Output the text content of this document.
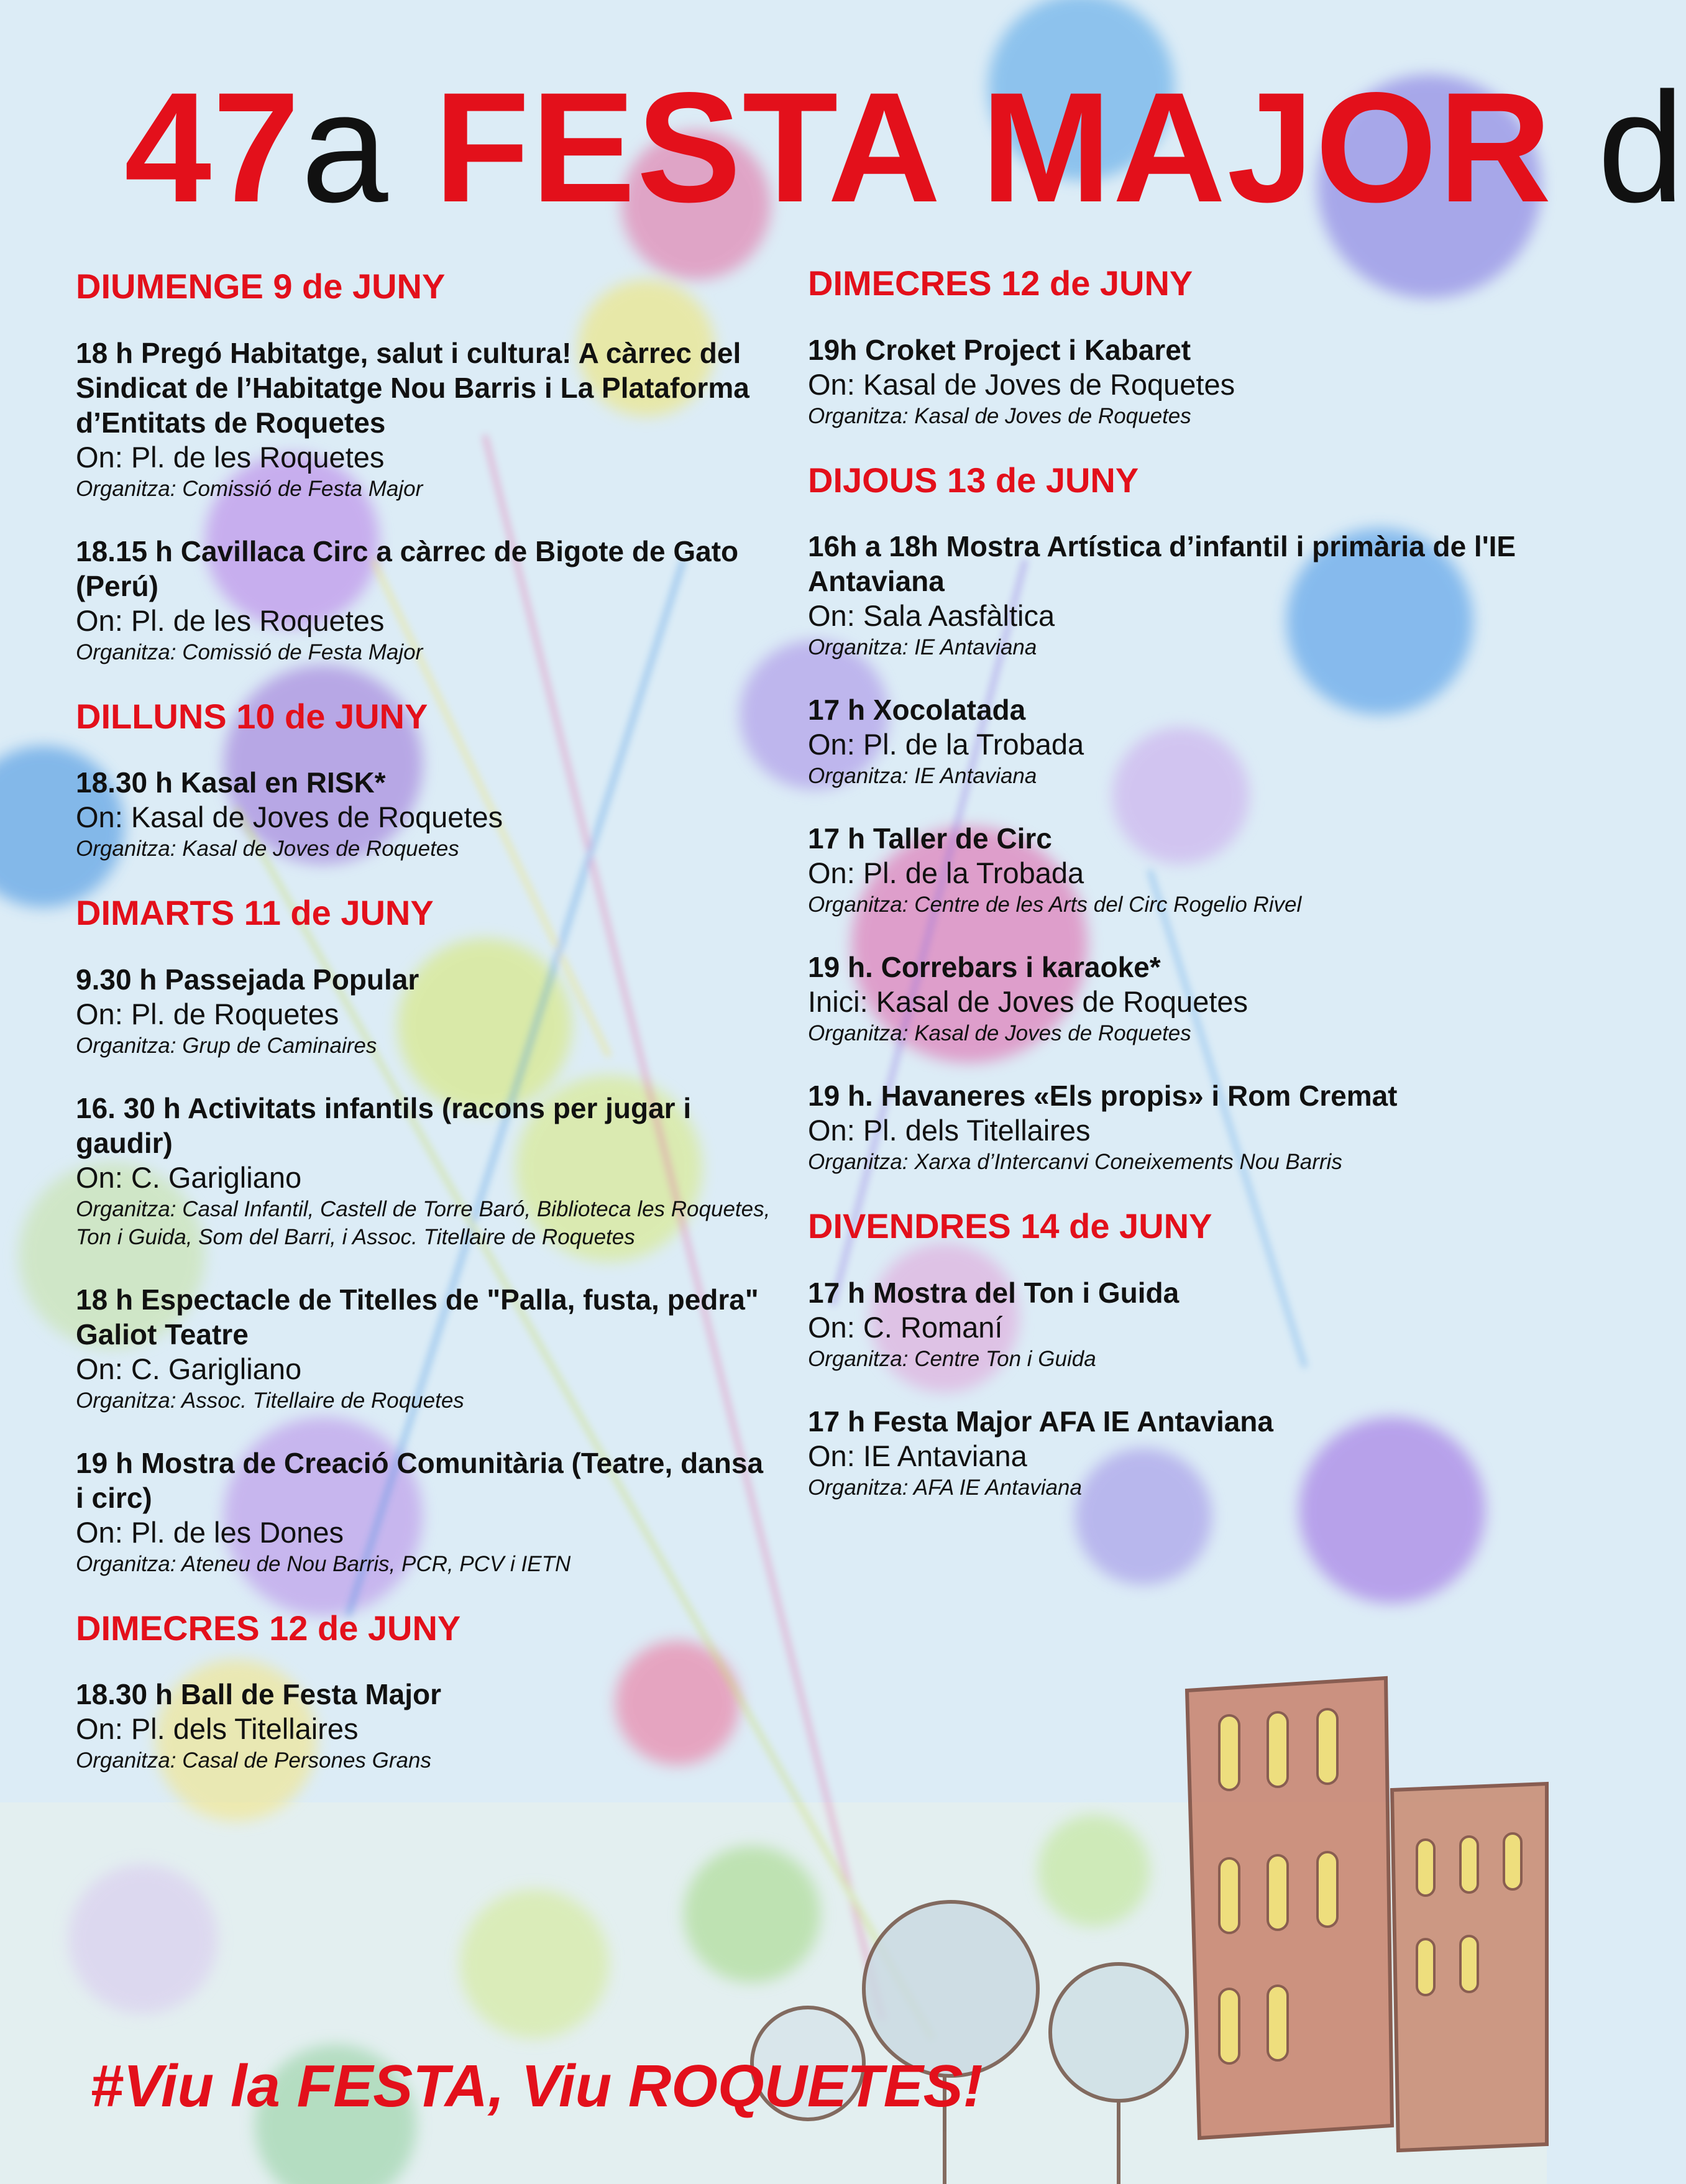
47a FESTA MAJOR d
DIUMENGE 9 de JUNY
18 h Pregó Habitatge, salut i cultura! A càrrec del Sindicat de l’Habitatge Nou Barris i La Plataforma d’Entitats de Roquetes
On: Pl. de les Roquetes
Organitza: Comissió de Festa Major
18.15 h Cavillaca Circ a càrrec de Bigote de Gato (Perú)
On: Pl. de les Roquetes
Organitza: Comissió de Festa Major
DILLUNS 10 de JUNY
18.30 h Kasal en RISK*
On: Kasal de Joves de Roquetes
Organitza: Kasal de Joves de Roquetes
DIMARTS 11 de JUNY
9.30 h Passejada Popular
On: Pl. de Roquetes
Organitza: Grup de Caminaires
16. 30 h Activitats infantils (racons per jugar i gaudir)
On: C. Garigliano
Organitza: Casal Infantil, Castell de Torre Baró, Biblioteca les Roquetes, Ton i Guida, Som del Barri, i Assoc. Titellaire de Roquetes
18 h Espectacle de Titelles de "Palla, fusta, pedra" Galiot Teatre
On: C. Garigliano
Organitza: Assoc. Titellaire de Roquetes
19 h Mostra de Creació Comunitària (Teatre, dansa i circ)
On: Pl. de les Dones
Organitza: Ateneu de Nou Barris, PCR, PCV i IETN
DIMECRES 12 de JUNY
18.30 h Ball de Festa Major
On: Pl. dels Titellaires
Organitza: Casal de Persones Grans
DIMECRES 12 de JUNY
19h Croket Project i Kabaret
On: Kasal de Joves de Roquetes
Organitza: Kasal de Joves de Roquetes
DIJOUS 13 de JUNY
16h a 18h Mostra Artística d’infantil i primària de l'IE Antaviana
On: Sala Aasfàltica
Organitza: IE Antaviana
17 h Xocolatada
On: Pl. de la Trobada
Organitza: IE Antaviana
17 h Taller de Circ
On: Pl. de la Trobada
Organitza: Centre de les Arts del Circ Rogelio Rivel
19 h. Correbars i karaoke*
Inici: Kasal de Joves de Roquetes
Organitza: Kasal de Joves de Roquetes
19 h. Havaneres «Els propis» i Rom Cremat
On: Pl. dels Titellaires
Organitza: Xarxa d’Intercanvi Coneixements Nou Barris
DIVENDRES 14 de JUNY
17 h Mostra del Ton i Guida
On: C. Romaní
Organitza: Centre Ton i Guida
17 h Festa Major AFA IE Antaviana
On: IE Antaviana
Organitza: AFA IE Antaviana
#Viu la FESTA, Viu ROQUETES!
